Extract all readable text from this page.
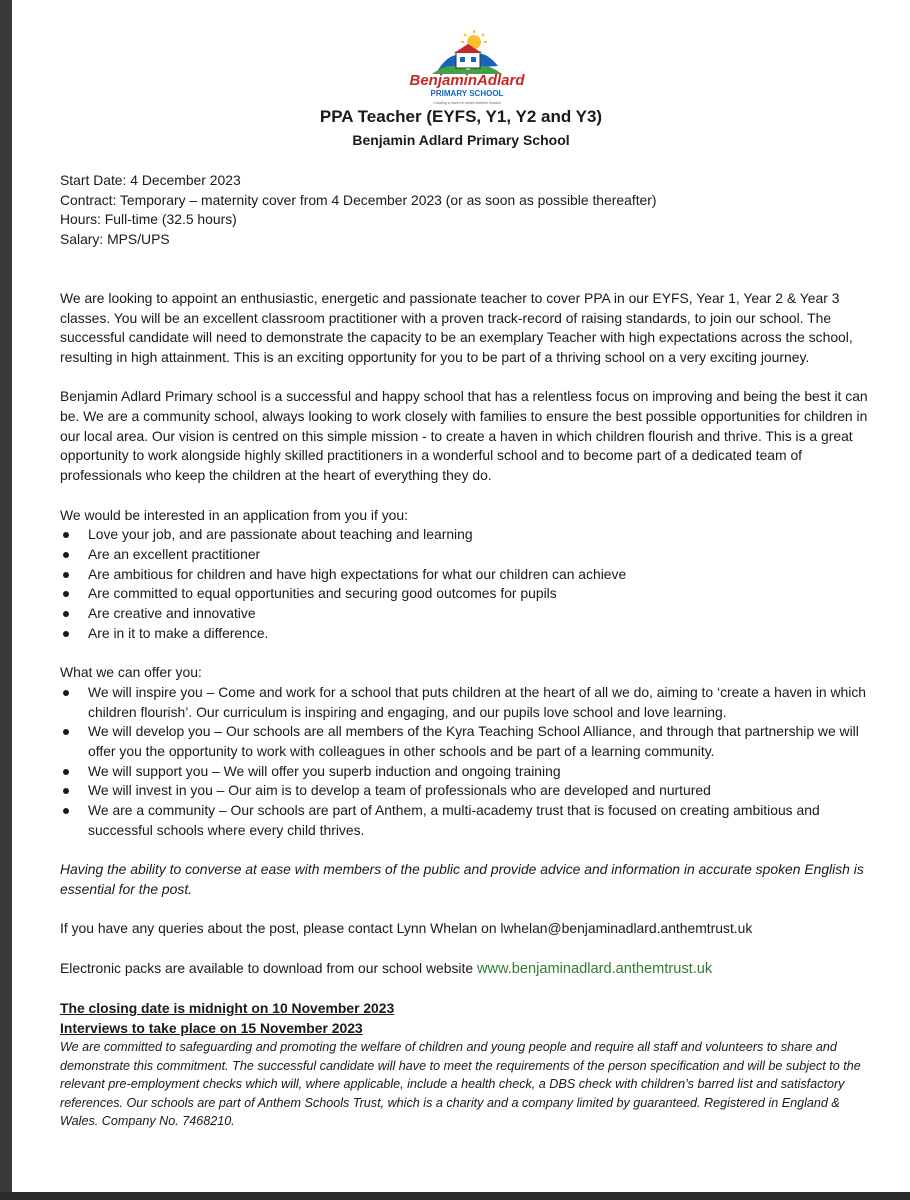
BenjaminAdlard
PRIMARY SCHOOL
Creating a haven in which children flourish
PPA Teacher (EYFS, Y1, Y2 and Y3)
Benjamin Adlard Primary School

Start Date: 4 December 2023

Contract: Temporary – maternity cover from 4 December 2023 (or as soon as possible thereafter)

Hours: Full-time (32.5 hours)

Salary: MPS/UPS

We are looking to appoint an enthusiastic, energetic and passionate teacher to cover PPA in our EYFS, Year 1, Year 2 & Year 3 classes. You will be an excellent classroom practitioner with a proven track-record of raising standards, to join our school. The successful candidate will need to demonstrate the capacity to be an exemplary Teacher with high expectations across the school, resulting in high attainment. This is an exciting opportunity for you to be part of a thriving school on a very exciting journey.

Benjamin Adlard Primary school is a successful and happy school that has a relentless focus on improving and being the best it can be. We are a community school, always looking to work closely with families to ensure the best possible opportunities for children in our local area. Our vision is centred on this simple mission - to create a haven in which children flourish and thrive. This is a great opportunity to work alongside highly skilled practitioners in a wonderful school and to become part of a dedicated team of professionals who keep the children at the heart of everything they do.

We would be interested in an application from you if you:

Love your job, and are passionate about teaching and learning
Are an excellent practitioner
Are ambitious for children and have high expectations for what our children can achieve
Are committed to equal opportunities and securing good outcomes for pupils
Are creative and innovative
Are in it to make a difference.

What we can offer you:

We will inspire you – Come and work for a school that puts children at the heart of all we do, aiming to ‘create a haven in which children flourish’. Our curriculum is inspiring and engaging, and our pupils love school and love learning.
We will develop you – Our schools are all members of the Kyra Teaching School Alliance, and through that partnership we will offer you the opportunity to work with colleagues in other schools and be part of a learning community.
We will support you – We will offer you superb induction and ongoing training
We will invest in you – Our aim is to develop a team of professionals who are developed and nurtured
We are a community – Our schools are part of Anthem, a multi-academy trust that is focused on creating ambitious and successful schools where every child thrives.

Having the ability to converse at ease with members of the public and provide advice and information in accurate spoken English is essential for the post.

If you have any queries about the post, please contact Lynn Whelan on lwhelan@benjaminadlard.anthemtrust.uk

Electronic packs are available to download from our school website www.benjaminadlard.anthemtrust.uk

The closing date is midnight on 10 November 2023

Interviews to take place on 15 November 2023

We are committed to safeguarding and promoting the welfare of children and young people and require all staff and volunteers to share and demonstrate this commitment. The successful candidate will have to meet the requirements of the person specification and will be subject to the relevant pre-employment checks which will, where applicable, include a health check, a DBS check with children’s barred list and satisfactory references. Our schools are part of Anthem Schools Trust, which is a charity and a company limited by guaranteed. Registered in England & Wales. Company No. 7468210.
